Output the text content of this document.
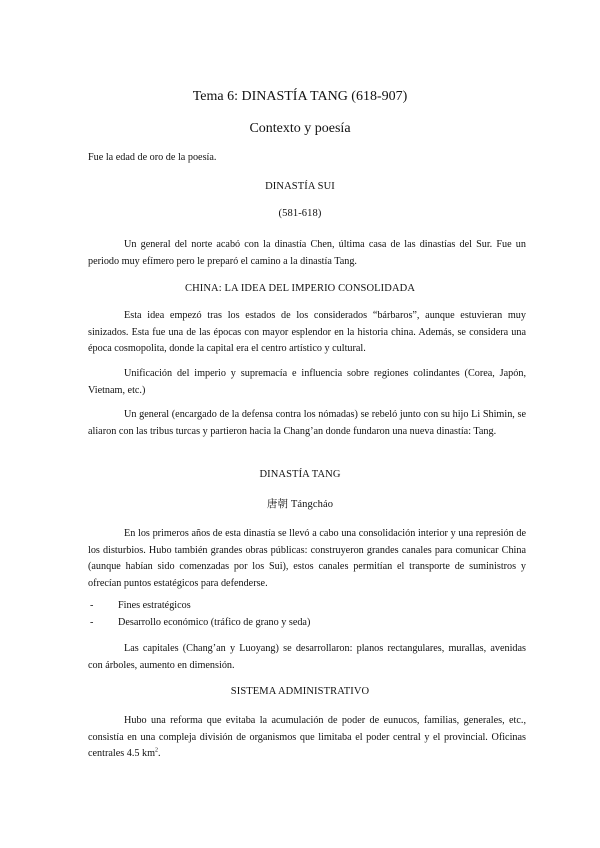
Tema 6: DINASTÍA TANG (618-907)
Contexto y poesía
Fue la edad de oro de la poesía.
DINASTÍA SUI
(581-618)
Un general del norte acabó con la dinastía Chen, última casa de las dinastías del Sur. Fue un periodo muy efímero pero le preparó el camino a la dinastía Tang.
CHINA: LA IDEA DEL IMPERIO CONSOLIDADA
Esta idea empezó tras los estados de los considerados “bárbaros”, aunque estuvieran muy sinizados. Esta fue una de las épocas con mayor esplendor en la historia china. Además, se considera una época cosmopolita, donde la capital era el centro artístico y cultural.
Unificación del imperio y supremacía e influencia sobre regiones colindantes (Corea, Japón, Vietnam, etc.)
Un general (encargado de la defensa contra los nómadas) se rebeló junto con su hijo Li Shimin, se aliaron con las tribus turcas y partieron hacia la Chang’an donde fundaron una nueva dinastía: Tang.
DINASTÍA TANG
唐朝 Tángcháo
En los primeros años de esta dinastía se llevó a cabo una consolidación interior y una represión de los disturbios. Hubo también grandes obras públicas: construyeron grandes canales para comunicar China (aunque habían sido comenzadas por los Sui), estos canales permitían el transporte de suministros y ofrecían puntos estatégicos para defenderse.
- Fines estratégicos
- Desarrollo económico (tráfico de grano y seda)
Las capitales (Chang’an y Luoyang) se desarrollaron: planos rectangulares, murallas, avenidas con árboles, aumento en dimensión.
SISTEMA ADMINISTRATIVO
Hubo una reforma que evitaba la acumulación de poder de eunucos, familias, generales, etc., consistía en una compleja división de organismos que limitaba el poder central y el provincial. Oficinas centrales 4.5 $km^2$.
